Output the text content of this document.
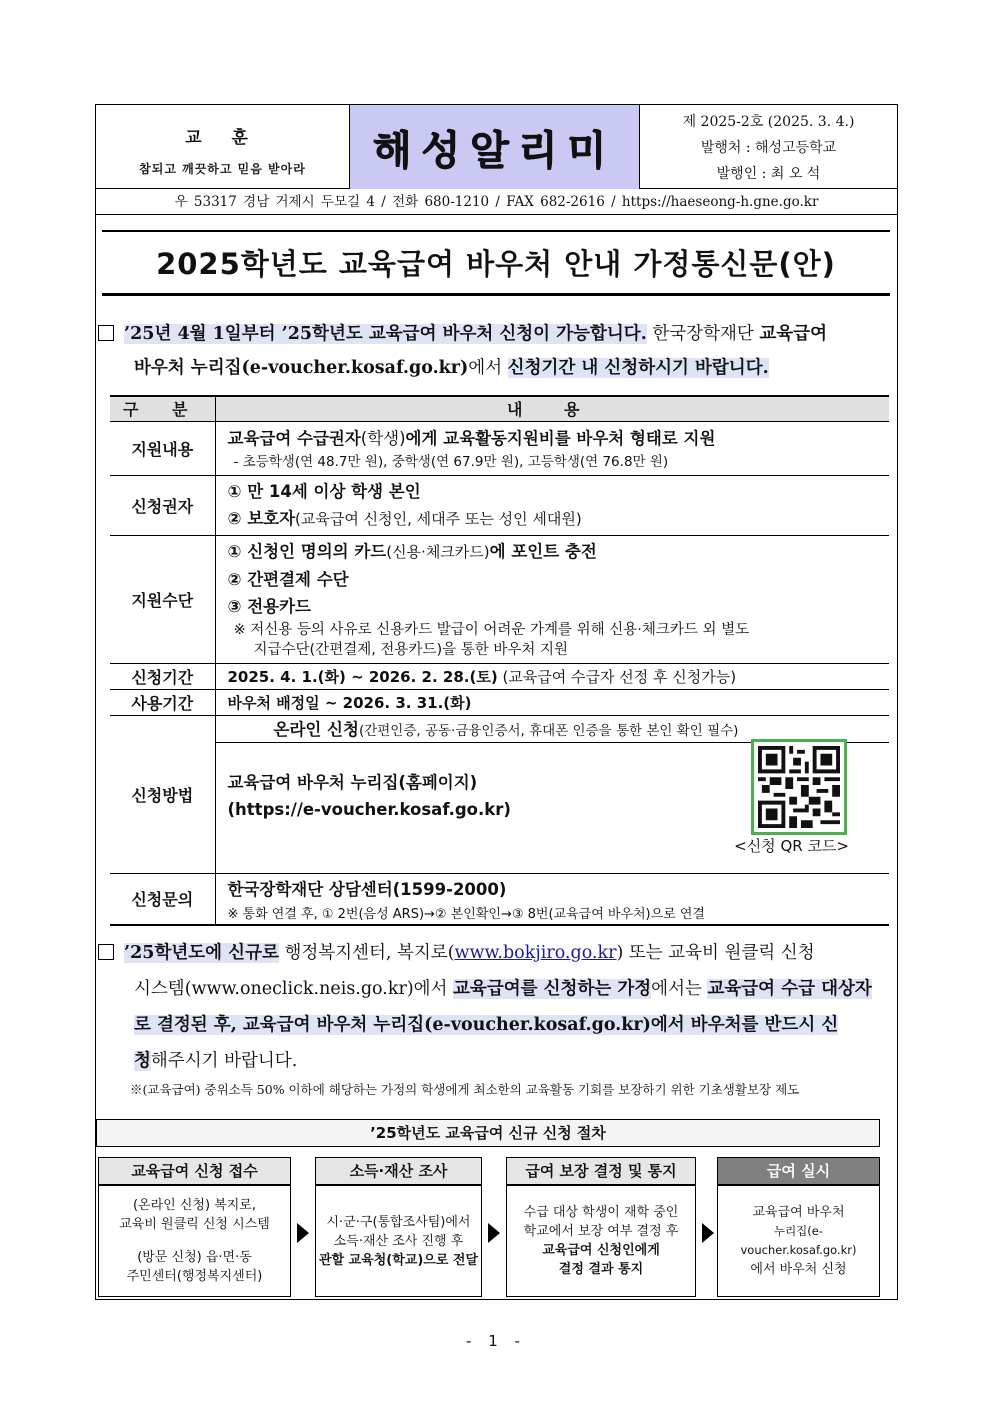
교 훈
참되고 깨끗하고 믿음 받아라	해성알리미
제 2025-2호 (2025. 3. 4.)
발행처 : 해성고등학교
발행인 : 최 오 석
우 53317 경남 거제시 두모길 4 / 전화 680-1210 / FAX 682-2616 / https://haeseong-h.gne.go.kr
2025학년도 교육급여 바우처 안내 가정통신문(안)
’25년 4월 1일부터 ’25학년도 교육급여 바우처 신청이 가능합니다. 한국장학재단 교육급여
바우처 누리집(e-voucher.kosaf.go.kr)에서 신청기간 내 신청하시기 바랍니다.
구 분	내 용
지원내용	교육급여 수급권자(학생)에게 교육활동지원비를 바우처 형태로 지원
- 초등학생(연 48.7만 원), 중학생(연 67.9만 원), 고등학생(연 76.8만 원)

신청권자	① 만 14세 이상 학생 본인
② 보호자(교육급여 신청인, 세대주 또는 성인 세대원)

지원수단	① 신청인 명의의 카드(신용·체크카드)에 포인트 충전
② 간편결제 수단
③ 전용카드
※ 저신용 등의 사유로 신용카드 발급이 어려운 가계를 위해 신용·체크카드 외 별도
지급수단(간편결제, 전용카드)을 통한 바우처 지원

신청기간	2025. 4. 1.(화) ~ 2026. 2. 28.(토) (교육급여 수급자 선정 후 신청가능)
사용기간	바우처 배정일 ~ 2026. 3. 31.(화)
신청방법	온라인 신청(간편인증, 공동·금융인증서, 휴대폰 인증을 통한 본인 확인 필수)
교육급여 바우처 누리집(홈페이지)
(https://e-voucher.kosaf.go.kr)
<신청 QR 코드>

신청문의	한국장학재단 상담센터(1599-2000)
※ 통화 연결 후, ① 2번(음성 ARS)→② 본인확인→③ 8번(교육급여 바우처)으로 연결
’25학년도에 신규로 행정복지센터, 복지로(www.bokjiro.go.kr) 또는 교육비 원클릭 신청
시스템(www.oneclick.neis.go.kr)에서 교육급여를 신청하는 가정에서는 교육급여 수급 대상자
로 결정된 후, 교육급여 바우처 누리집(e-voucher.kosaf.go.kr)에서 바우처를 반드시 신
청해주시기 바랍니다.
※(교육급여) 중위소득 50% 이하에 해당하는 가정의 학생에게 최소한의 교육활동 기회를 보장하기 위한 기초생활보장 제도
’25학년도 교육급여 신규 신청 절차
교육급여 신청 접수
(온라인 신청) 복지로,
교육비 원클릭 신청 시스템
(방문 신청) 읍·면·동
주민센터(행정복지센터)
소득·재산 조사
시·군·구(통합조사팀)에서
소득·재산 조사 진행 후
관할 교육청(학교)으로 전달
급여 보장 결정 및 통지
수급 대상 학생이 재학 중인
학교에서 보장 여부 결정 후
교육급여 신청인에게
결정 결과 통지
급여 실시
교육급여 바우처
누리집(e-voucher.kosaf.go.kr)
에서 바우처 신청
- 1 -
